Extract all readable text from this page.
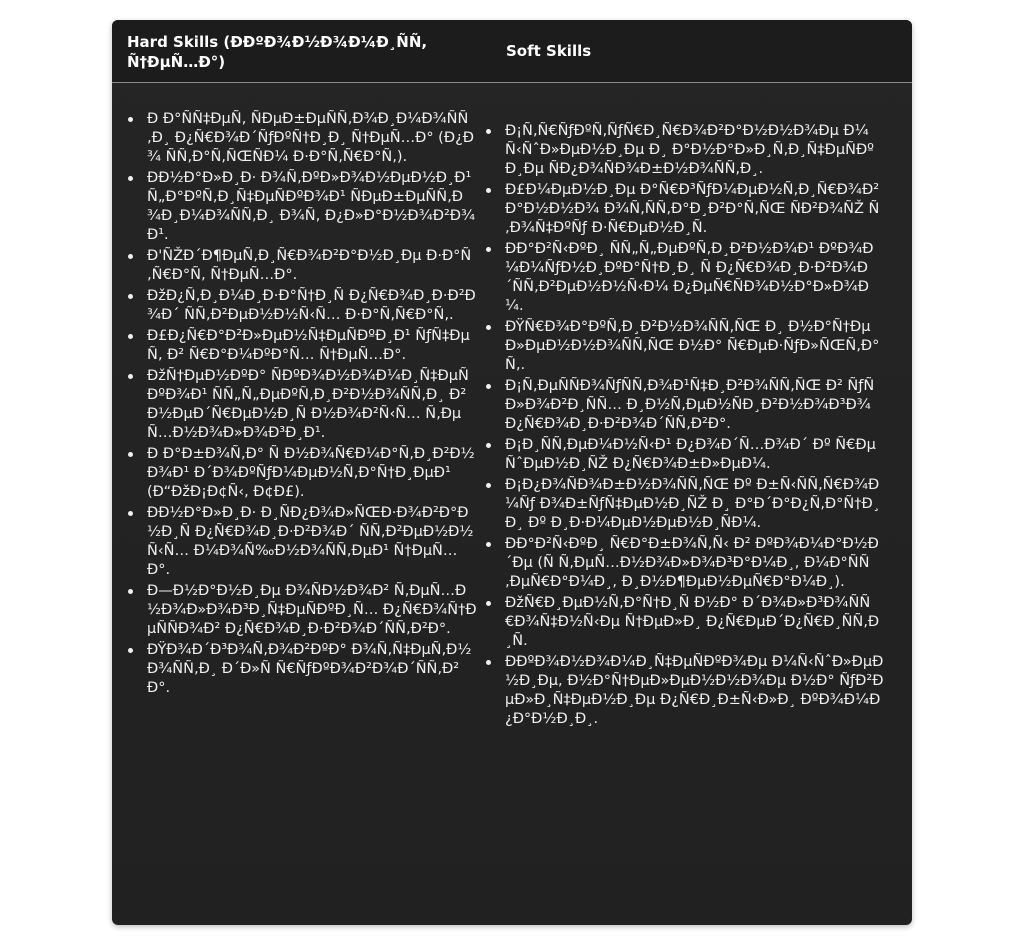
Hard Skills (ÐÐºÐ¾Ð½Ð¾Ð¼Ð¸ÑÑ, Ñ†ÐµÑ…Ð°)
Soft Skills
Ð Ð°ÑÑ‡ÐµÑ‚ ÑÐµÐ±ÐµÑÑ‚Ð¾Ð¸Ð¼Ð¾ÑÑ‚Ð¸ Ð¿Ñ€Ð¾Ð´ÑƒÐºÑ†Ð¸Ð¸ Ñ†ÐµÑ…Ð° (Ð¿Ð¾ ÑÑ‚Ð°Ñ‚ÑŒÑÐ¼ Ð·Ð°Ñ‚Ñ€Ð°Ñ‚).
ÐÐ½Ð°Ð»Ð¸Ð· Ð¾Ñ‚ÐºÐ»Ð¾Ð½ÐµÐ½Ð¸Ð¹ Ñ„Ð°ÐºÑ‚Ð¸Ñ‡ÐµÑÐºÐ¾Ð¹ ÑÐµÐ±ÐµÑÑ‚Ð¾Ð¸Ð¼Ð¾ÑÑ‚Ð¸ Ð¾Ñ‚ Ð¿Ð»Ð°Ð½Ð¾Ð²Ð¾Ð¹.
Ð'ÑŽÐ´Ð¶ÐµÑ‚Ð¸Ñ€Ð¾Ð²Ð°Ð½Ð¸Ðµ Ð·Ð°Ñ‚Ñ€Ð°Ñ‚ Ñ†ÐµÑ…Ð°.
ÐžÐ¿Ñ‚Ð¸Ð¼Ð¸Ð·Ð°Ñ†Ð¸Ñ Ð¿Ñ€Ð¾Ð¸Ð·Ð²Ð¾Ð´ ÑÑ‚Ð²ÐµÐ½Ð½Ñ‹Ñ… Ð·Ð°Ñ‚Ñ€Ð°Ñ‚.
Ð£Ð¿Ñ€Ð°Ð²Ð»ÐµÐ½Ñ‡ÐµÑÐºÐ¸Ð¹ ÑƒÑ‡ÐµÑ‚ Ð² Ñ€Ð°Ð¼ÐºÐ°Ñ… Ñ†ÐµÑ…Ð°.
ÐžÑ†ÐµÐ½ÐºÐ° ÑÐºÐ¾Ð½Ð¾Ð¼Ð¸Ñ‡ÐµÑÐºÐ¾Ð¹ ÑÑ„Ñ„ÐµÐºÑ‚Ð¸Ð²Ð½Ð¾ÑÑ‚Ð¸ Ð²Ð½ÐµÐ´Ñ€ÐµÐ½Ð¸Ñ Ð½Ð¾Ð²Ñ‹Ñ… Ñ‚ÐµÑ…Ð½Ð¾Ð»Ð¾Ð³Ð¸Ð¹.
Ð Ð°Ð±Ð¾Ñ‚Ð° Ñ Ð½Ð¾Ñ€Ð¼Ð°Ñ‚Ð¸Ð²Ð½Ð¾Ð¹ Ð´Ð¾ÐºÑƒÐ¼ÐµÐ½Ñ‚Ð°Ñ†Ð¸ÐµÐ¹ (Ð“ÐžÐ¡Ð¢Ñ‹, Ð¢Ð£).
ÐÐ½Ð°Ð»Ð¸Ð· Ð¸ÑÐ¿Ð¾Ð»ÑŒÐ·Ð¾Ð²Ð°Ð½Ð¸Ñ Ð¿Ñ€Ð¾Ð¸Ð·Ð²Ð¾Ð´ ÑÑ‚Ð²ÐµÐ½Ð½Ñ‹Ñ… Ð¼Ð¾Ñ‰Ð½Ð¾ÑÑ‚ÐµÐ¹ Ñ†ÐµÑ…Ð°.
Ð—Ð½Ð°Ð½Ð¸Ðµ Ð¾ÑÐ½Ð¾Ð² Ñ‚ÐµÑ…Ð½Ð¾Ð»Ð¾Ð³Ð¸Ñ‡ÐµÑÐºÐ¸Ñ… Ð¿Ñ€Ð¾Ñ†ÐµÑÑÐ¾Ð² Ð¿Ñ€Ð¾Ð¸Ð·Ð²Ð¾Ð´ÑÑ‚Ð²Ð°.
ÐŸÐ¾Ð´Ð³Ð¾Ñ‚Ð¾Ð²ÐºÐ° Ð¾Ñ‚Ñ‡ÐµÑ‚Ð½Ð¾ÑÑ‚Ð¸ Ð´Ð»Ñ Ñ€ÑƒÐºÐ¾Ð²Ð¾Ð´ÑÑ‚Ð²Ð°.
Ð¡Ñ‚Ñ€ÑƒÐºÑ‚ÑƒÑ€Ð¸Ñ€Ð¾Ð²Ð°Ð½Ð½Ð¾Ðµ Ð¼Ñ‹ÑˆÐ»ÐµÐ½Ð¸Ðµ Ð¸ Ð°Ð½Ð°Ð»Ð¸Ñ‚Ð¸Ñ‡ÐµÑÐºÐ¸Ðµ ÑÐ¿Ð¾ÑÐ¾Ð±Ð½Ð¾ÑÑ‚Ð¸.
Ð£Ð¼ÐµÐ½Ð¸Ðµ Ð°Ñ€Ð³ÑƒÐ¼ÐµÐ½Ñ‚Ð¸Ñ€Ð¾Ð²Ð°Ð½Ð½Ð¾ Ð¾Ñ‚ÑÑ‚Ð°Ð¸Ð²Ð°Ñ‚ÑŒ ÑÐ²Ð¾ÑŽ Ñ‚Ð¾Ñ‡ÐºÑƒ Ð·Ñ€ÐµÐ½Ð¸Ñ.
ÐÐ°Ð²Ñ‹ÐºÐ¸ ÑÑ„Ñ„ÐµÐºÑ‚Ð¸Ð²Ð½Ð¾Ð¹ ÐºÐ¾Ð¼Ð¼ÑƒÐ½Ð¸ÐºÐ°Ñ†Ð¸Ð¸ Ñ Ð¿Ñ€Ð¾Ð¸Ð·Ð²Ð¾Ð´ÑÑ‚Ð²ÐµÐ½Ð½Ñ‹Ð¼ Ð¿ÐµÑ€ÑÐ¾Ð½Ð°Ð»Ð¾Ð¼.
ÐŸÑ€Ð¾Ð°ÐºÑ‚Ð¸Ð²Ð½Ð¾ÑÑ‚ÑŒ Ð¸ Ð½Ð°Ñ†ÐµÐ»ÐµÐ½Ð½Ð¾ÑÑ‚ÑŒ Ð½Ð° Ñ€ÐµÐ·ÑƒÐ»ÑŒÑ‚Ð°Ñ‚.
Ð¡Ñ‚ÐµÑÑÐ¾ÑƒÑÑ‚Ð¾Ð¹Ñ‡Ð¸Ð²Ð¾ÑÑ‚ÑŒ Ð² ÑƒÑÐ»Ð¾Ð²Ð¸ÑÑ… Ð¸Ð½Ñ‚ÐµÐ½ÑÐ¸Ð²Ð½Ð¾Ð³Ð¾ Ð¿Ñ€Ð¾Ð¸Ð·Ð²Ð¾Ð´ÑÑ‚Ð²Ð°.
Ð¡Ð¸ÑÑ‚ÐµÐ¼Ð½Ñ‹Ð¹ Ð¿Ð¾Ð´Ñ…Ð¾Ð´ Ðº Ñ€ÐµÑˆÐµÐ½Ð¸ÑŽ Ð¿Ñ€Ð¾Ð±Ð»ÐµÐ¼.
Ð¡Ð¿Ð¾ÑÐ¾Ð±Ð½Ð¾ÑÑ‚ÑŒ Ðº Ð±Ñ‹ÑÑ‚Ñ€Ð¾Ð¼Ñƒ Ð¾Ð±ÑƒÑ‡ÐµÐ½Ð¸ÑŽ Ð¸ Ð°Ð´Ð°Ð¿Ñ‚Ð°Ñ†Ð¸Ð¸ Ðº Ð¸Ð·Ð¼ÐµÐ½ÐµÐ½Ð¸ÑÐ¼.
ÐÐ°Ð²Ñ‹ÐºÐ¸ Ñ€Ð°Ð±Ð¾Ñ‚Ñ‹ Ð² ÐºÐ¾Ð¼Ð°Ð½Ð´Ðµ (Ñ Ñ‚ÐµÑ…Ð½Ð¾Ð»Ð¾Ð³Ð°Ð¼Ð¸, Ð¼Ð°ÑÑ‚ÐµÑ€Ð°Ð¼Ð¸, Ð¸Ð½Ð¶ÐµÐ½ÐµÑ€Ð°Ð¼Ð¸).
ÐžÑ€Ð¸ÐµÐ½Ñ‚Ð°Ñ†Ð¸Ñ Ð½Ð° Ð´Ð¾Ð»Ð³Ð¾ÑÑ€Ð¾Ñ‡Ð½Ñ‹Ðµ Ñ†ÐµÐ»Ð¸ Ð¿Ñ€ÐµÐ´Ð¿Ñ€Ð¸ÑÑ‚Ð¸Ñ.
ÐÐºÐ¾Ð½Ð¾Ð¼Ð¸Ñ‡ÐµÑÐºÐ¾Ðµ Ð¼Ñ‹ÑˆÐ»ÐµÐ½Ð¸Ðµ, Ð½Ð°Ñ†ÐµÐ»ÐµÐ½Ð½Ð¾Ðµ Ð½Ð° ÑƒÐ²ÐµÐ»Ð¸Ñ‡ÐµÐ½Ð¸Ðµ Ð¿Ñ€Ð¸Ð±Ñ‹Ð»Ð¸ ÐºÐ¾Ð¼Ð¿Ð°Ð½Ð¸Ð¸.
